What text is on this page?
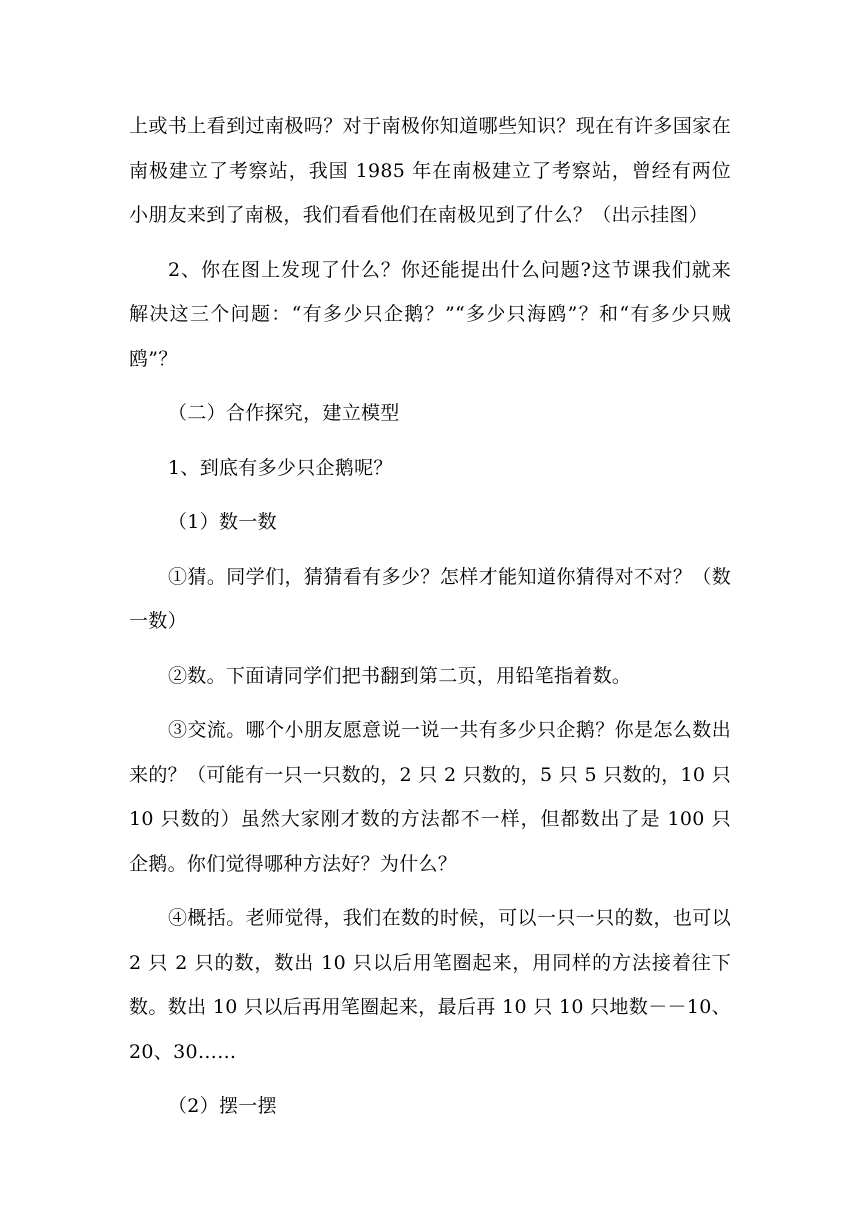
上或书上看到过南极吗？对于南极你知道哪些知识？现在有许多国家在南极建立了考察站，我国 1985 年在南极建立了考察站，曾经有两位小朋友来到了南极，我们看看他们在南极见到了什么？（出示挂图）

2、你在图上发现了什么？你还能提出什么问题?这节课我们就来解决这三个问题：“有多少只企鹅？”“多少只海鸥”？和“有多少只贼鸥”？

（二）合作探究，建立模型

1、到底有多少只企鹅呢？

（1）数一数

①猜。同学们，猜猜看有多少？怎样才能知道你猜得对不对？（数一数）

②数。下面请同学们把书翻到第二页，用铅笔指着数。

③交流。哪个小朋友愿意说一说一共有多少只企鹅？你是怎么数出来的？（可能有一只一只数的，2 只 2 只数的，5 只 5 只数的，10 只 10 只数的）虽然大家刚才数的方法都不一样，但都数出了是 100 只企鹅。你们觉得哪种方法好？为什么？

④概括。老师觉得，我们在数的时候，可以一只一只的数，也可以 2 只 2 只的数，数出 10 只以后用笔圈起来，用同样的方法接着往下数。数出 10 只以后再用笔圈起来，最后再 10 只 10 只地数－－10、20、30……

（2）摆一摆
